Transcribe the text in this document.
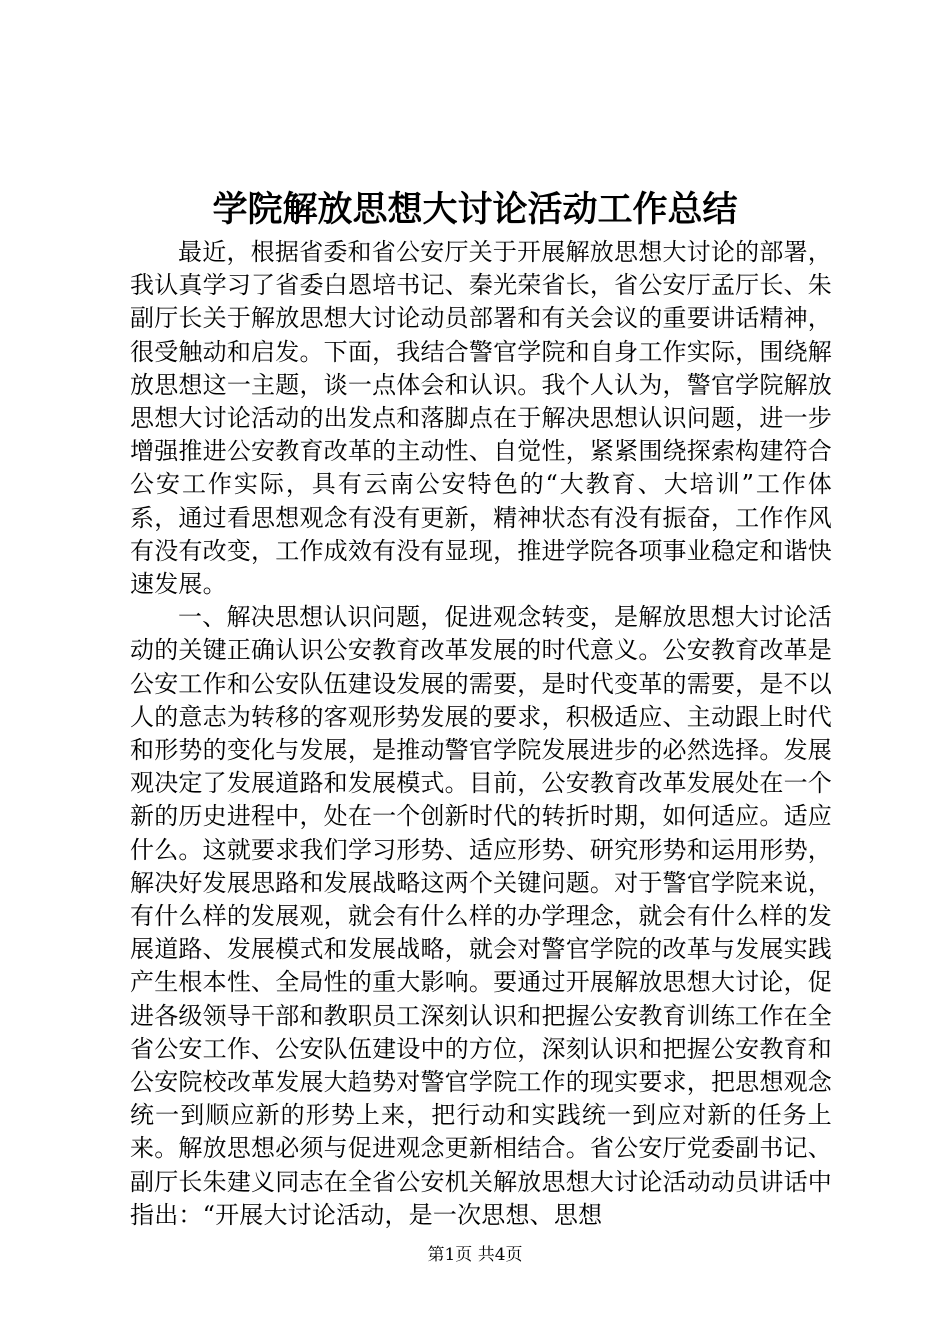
学院解放思想大讨论活动工作总结

最近，根据省委和省公安厅关于开展解放思想大讨论的部署，我认真学习了省委白恩培书记、秦光荣省长，省公安厅孟厅长、朱副厅长关于解放思想大讨论动员部署和有关会议的重要讲话精神，很受触动和启发。下面，我结合警官学院和自身工作实际，围绕解放思想这一主题，谈一点体会和认识。我个人认为，警官学院解放思想大讨论活动的出发点和落脚点在于解决思想认识问题，进一步增强推进公安教育改革的主动性、自觉性，紧紧围绕探索构建符合公安工作实际，具有云南公安特色的“大教育、大培训”工作体系，通过看思想观念有没有更新，精神状态有没有振奋，工作作风有没有改变，工作成效有没有显现，推进学院各项事业稳定和谐快速发展。

一、解决思想认识问题，促进观念转变，是解放思想大讨论活动的关键正确认识公安教育改革发展的时代意义。公安教育改革是公安工作和公安队伍建设发展的需要，是时代变革的需要，是不以人的意志为转移的客观形势发展的要求，积极适应、主动跟上时代和形势的变化与发展，是推动警官学院发展进步的必然选择。发展观决定了发展道路和发展模式。目前，公安教育改革发展处在一个新的历史进程中，处在一个创新时代的转折时期，如何适应。适应什么。这就要求我们学习形势、适应形势、研究形势和运用形势，解决好发展思路和发展战略这两个关键问题。对于警官学院来说，有什么样的发展观，就会有什么样的办学理念，就会有什么样的发展道路、发展模式和发展战略，就会对警官学院的改革与发展实践产生根本性、全局性的重大影响。要通过开展解放思想大讨论，促进各级领导干部和教职员工深刻认识和把握公安教育训练工作在全省公安工作、公安队伍建设中的方位，深刻认识和把握公安教育和公安院校改革发展大趋势对警官学院工作的现实要求，把思想观念统一到顺应新的形势上来，把行动和实践统一到应对新的任务上来。解放思想必须与促进观念更新相结合。省公安厅党委副书记、副厅长朱建义同志在全省公安机关解放思想大讨论活动动员讲话中指出：“开展大讨论活动，是一次思想、思想

第1页 共4页
